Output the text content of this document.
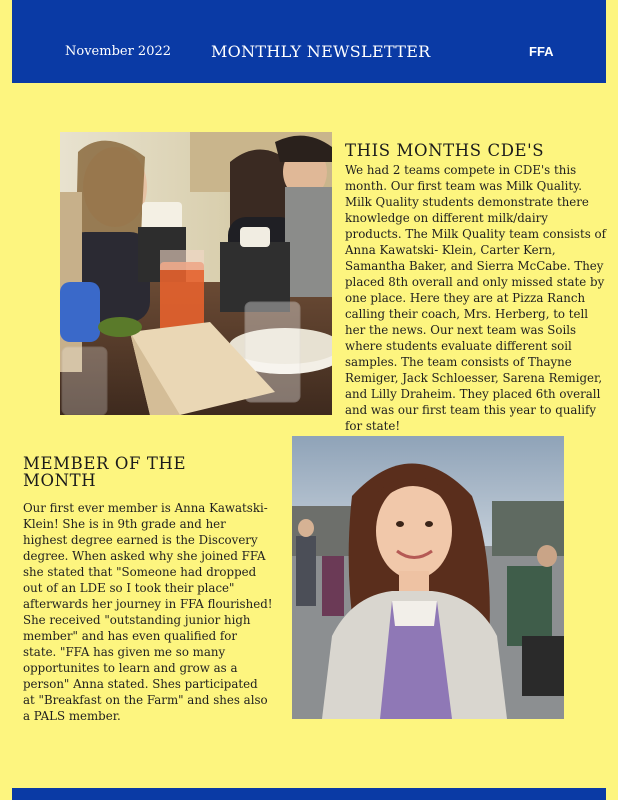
November 2022 MONTHLY NEWSLETTER	FFA
THIS MONTHS CDE'S

We had 2 teams compete in CDE's this month. Our first team was Milk Quality. Milk Quality students demonstrate there knowledge on different milk/dairy products. The Milk Quality team consists of Anna Kawatski- Klein, Carter Kern, Samantha Baker, and Sierra McCabe. They placed 8th overall and only missed state by one place. Here they are at Pizza Ranch calling their coach, Mrs. Herberg, to tell her the news. Our next team was Soils where students evaluate different soil samples. The team consists of Thayne Remiger, Jack Schloesser, Sarena Remiger, and Lilly Draheim. They placed 6th overall and was our first team this year to qualify for state!

MEMBER OF THE MONTH

Our first ever member is Anna Kawatski-Klein! She is in 9th grade and her highest degree earned is the Discovery degree. When asked why she joined FFA she stated that "Someone had dropped out of an LDE so I took their place" afterwards her journey in FFA flourished! She received "outstanding junior high member" and has even qualified for state. "FFA has given me so many opportunites to learn and grow as a person" Anna stated. Shes participated at "Breakfast on the Farm" and shes also a PALS member.
